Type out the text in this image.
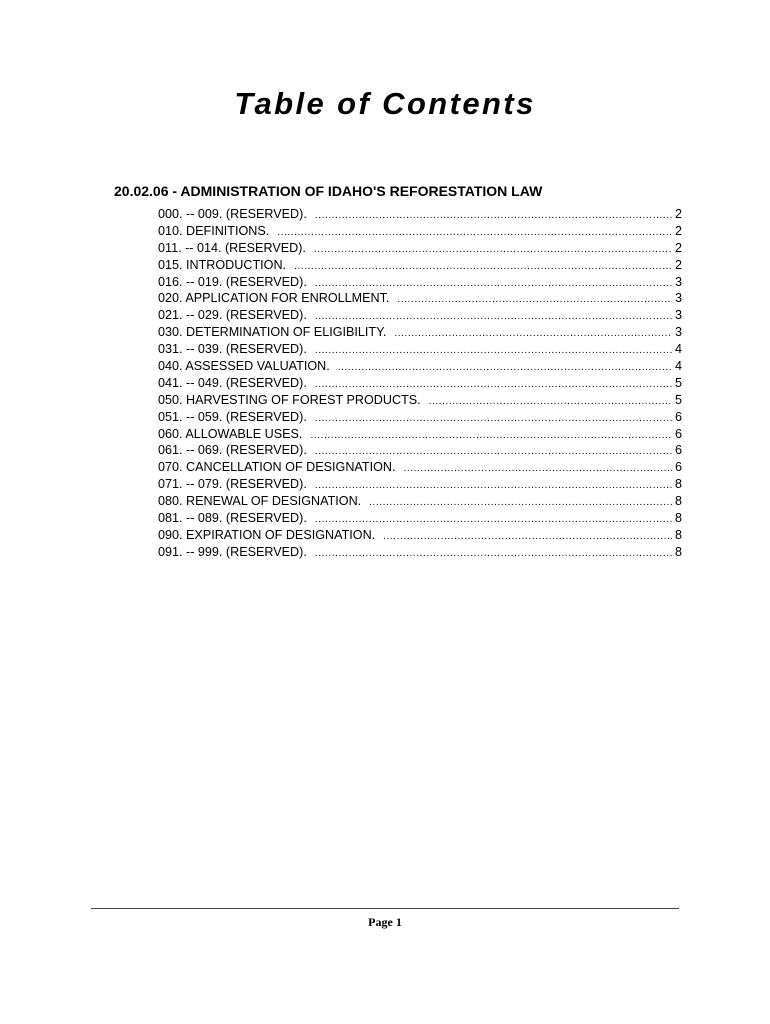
Table of Contents
20.02.06 - ADMINISTRATION OF IDAHO'S REFORESTATION LAW
000. -- 009. (RESERVED). .....	2
010. DEFINITIONS. .....	2
011. -- 014. (RESERVED). .....	2
015. INTRODUCTION. .....	2
016. -- 019. (RESERVED). .....	3
020. APPLICATION FOR ENROLLMENT. .....	3
021. -- 029. (RESERVED). .....	3
030. DETERMINATION OF ELIGIBILITY. .....	3
031. -- 039. (RESERVED). .....	4
040. ASSESSED VALUATION. .....	4
041. -- 049. (RESERVED). .....	5
050. HARVESTING OF FOREST PRODUCTS. .....	5
051. -- 059. (RESERVED). .....	6
060. ALLOWABLE USES. .....	6
061. -- 069. (RESERVED). .....	6
070. CANCELLATION OF DESIGNATION. .....	6
071. -- 079. (RESERVED). .....	8
080. RENEWAL OF DESIGNATION. .....	8
081. -- 089. (RESERVED). .....	8
090. EXPIRATION OF DESIGNATION. .....	8
091. -- 999. (RESERVED). .....	8
Page 1
